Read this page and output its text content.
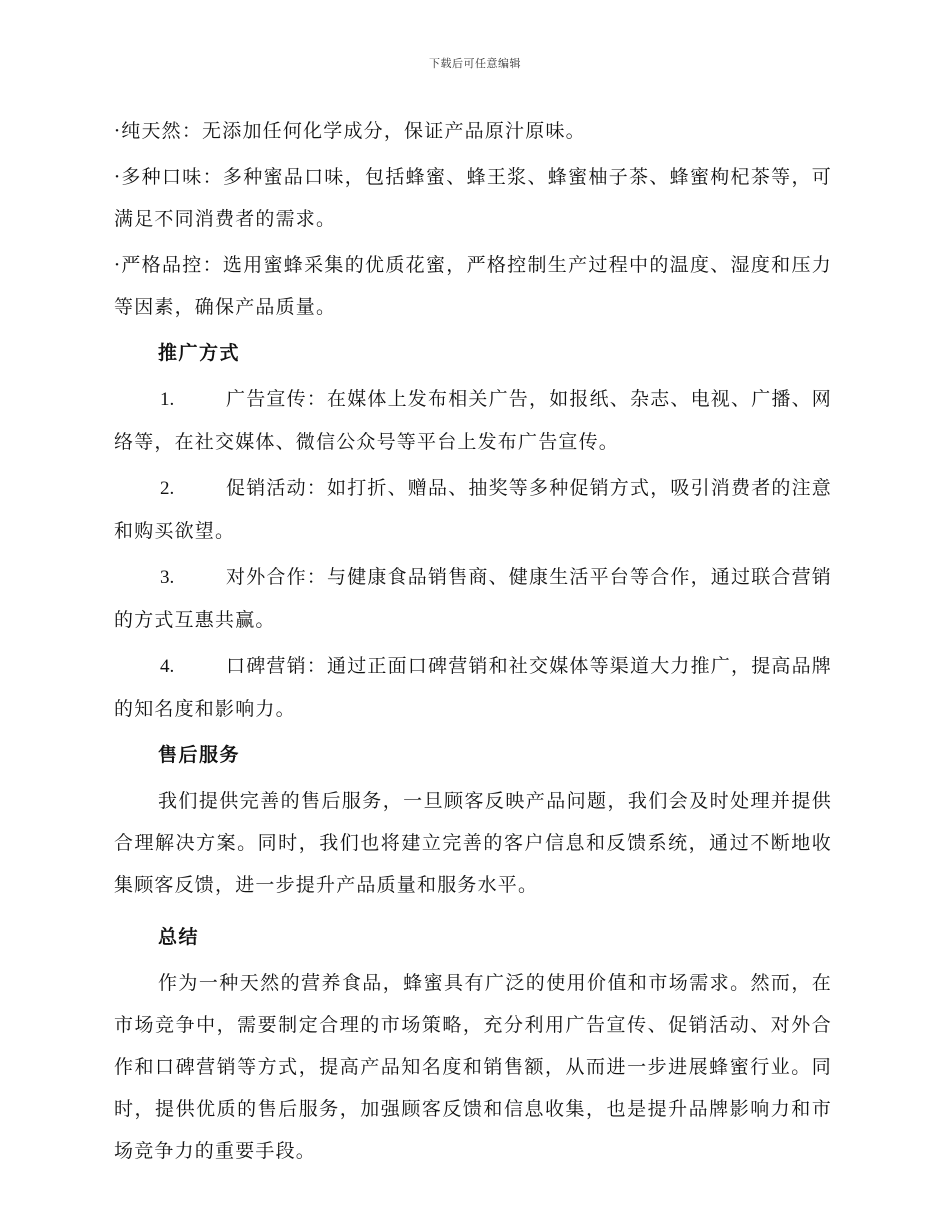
下载后可任意编辑

·纯天然：无添加任何化学成分，保证产品原汁原味。

·多种口味：多种蜜品口味，包括蜂蜜、蜂王浆、蜂蜜柚子茶、蜂蜜枸杞茶等，可满足不同消费者的需求。

·严格品控：选用蜜蜂采集的优质花蜜，严格控制生产过程中的温度、湿度和压力等因素，确保产品质量。

推广方式

1.	广告宣传：在媒体上发布相关广告，如报纸、杂志、电视、广播、网络等，在社交媒体、微信公众号等平台上发布广告宣传。

2.	促销活动：如打折、赠品、抽奖等多种促销方式，吸引消费者的注意和购买欲望。

3.	对外合作：与健康食品销售商、健康生活平台等合作，通过联合营销的方式互惠共赢。

4.	口碑营销：通过正面口碑营销和社交媒体等渠道大力推广，提高品牌的知名度和影响力。

售后服务

我们提供完善的售后服务，一旦顾客反映产品问题，我们会及时处理并提供合理解决方案。同时，我们也将建立完善的客户信息和反馈系统，通过不断地收集顾客反馈，进一步提升产品质量和服务水平。

总结

作为一种天然的营养食品，蜂蜜具有广泛的使用价值和市场需求。然而，在市场竞争中，需要制定合理的市场策略，充分利用广告宣传、促销活动、对外合作和口碑营销等方式，提高产品知名度和销售额，从而进一步进展蜂蜜行业。同时，提供优质的售后服务，加强顾客反馈和信息收集，也是提升品牌影响力和市场竞争力的重要手段。
